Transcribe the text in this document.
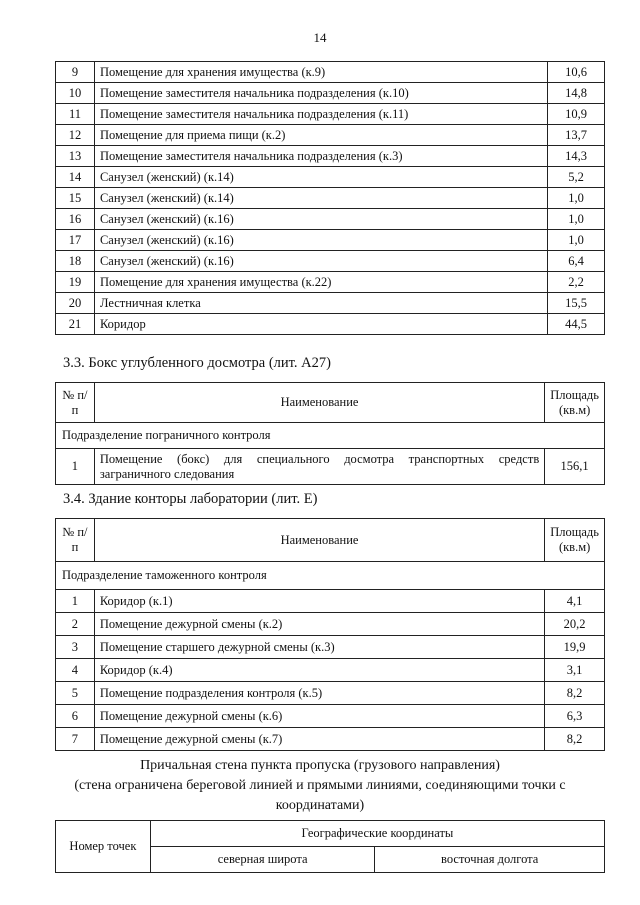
14
9	Помещение для хранения имущества (к.9)	10,6
10	Помещение заместителя начальника подразделения (к.10)	14,8
11	Помещение заместителя начальника подразделения (к.11)	10,9
12	Помещение для приема пищи (к.2)	13,7
13	Помещение заместителя начальника подразделения (к.3)	14,3
14	Санузел (женский) (к.14)	5,2
15	Санузел (женский) (к.14)	1,0
16	Санузел (женский) (к.16)	1,0
17	Санузел (женский) (к.16)	1,0
18	Санузел (женский) (к.16)	6,4
19	Помещение для хранения имущества (к.22)	2,2
20	Лестничная клетка	15,5
21	Коридор	44,5
3.3. Бокс углубленного досмотра (лит. А27)
№ п/п	Наименование	Площадь (кв.м)
Подразделение пограничного контроля		
1	Помещение (бокс) для специального досмотра транспортных средств заграничного следования	156,1
3.4. Здание конторы лаборатории (лит. Е)
№ п/п	Наименование	Площадь (кв.м)
Подразделение таможенного контроля		
1	Коридор (к.1)	4,1
2	Помещение дежурной смены (к.2)	20,2
3	Помещение старшего дежурной смены (к.3)	19,9
4	Коридор (к.4)	3,1
5	Помещение подразделения контроля (к.5)	8,2
6	Помещение дежурной смены (к.6)	6,3
7	Помещение дежурной смены (к.7)	8,2
Причальная стена пункта пропуска (грузового направления)
(стена ограничена береговой линией и прямыми линиями, соединяющими точки с
координатами)
Номер точек	Географические координаты	
	северная широта	восточная долгота
